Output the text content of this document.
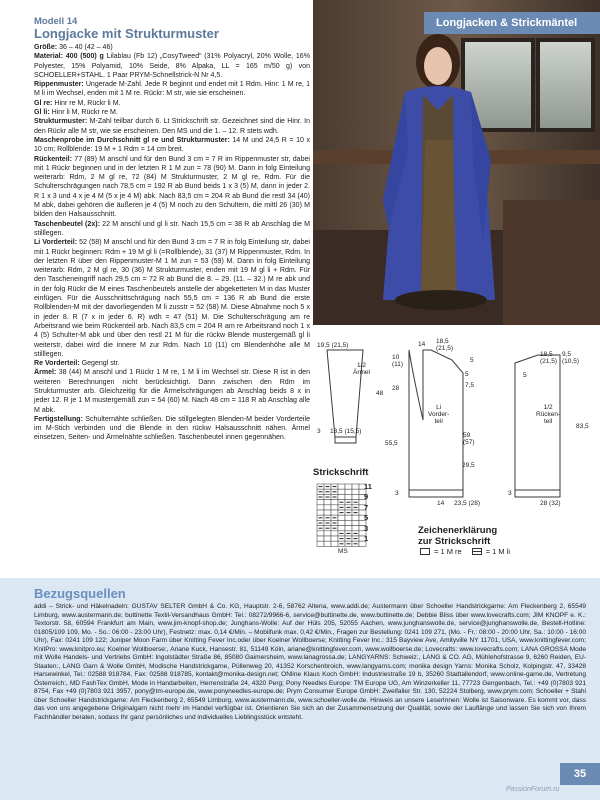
Modell 14
Longjacke mit Strukturmuster
Größe: 36 – 40 (42 – 46)
Material: 400 (500) g Lilablau (Fb 12) „CosyTweed“ (31% Polyacryl, 20% Wolle, 16% Polyester, 15% Polyamid, 10% Seide, 8% Alpaka, LL = 165 m/50 g) von SCHOELLER+STAHL. 1 Paar PRYM-Schnellstrick-N Nr 4,5.
Rippenmuster: Ungerade M-Zahl. Jede R beginnt und endet mit 1 Rdm. Hinr: 1 M re, 1 M li im Wechsel, enden mit 1 M re. Rückr: M str, wie sie erscheinen.
Gl re: Hinr re M, Rückr li M.
Gl li: Hinr li M, Rückr re M.
Strukturmuster: M-Zahl teilbar durch 6. Lt Strickschrift str. Gezeichnet sind die Hinr. In den Rückr alle M str, wie sie erscheinen. Den MS und die 1. – 12. R stets wdh.
Maschenprobe im Durchschnitt gl re und Strukturmuster: 14 M und 24,5 R = 10 x 10 cm; Rollblende: 19 M + 1 Rdm = 14 cm breit.
Rückenteil: 77 (89) M anschl und für den Bund 3 cm = 7 R im Rippenmuster str, dabei mit 1 Rückr beginnen und in der letzten R 1 M zun = 78 (90) M. Dann in folg Einteilung weiterarb: Rdm, 2 M gl re, 72 (84) M Strukturmuster, 2 M gl re, Rdm. Für die Schulterschrägungen nach 78,5 cm = 192 R ab Bund beids 1 x 3 (5) M, dann in jeder 2. R 1 x 3 und 4 x je 4 M (5 x je 4 M) abk. Nach 83,5 cm = 204 R ab Bund die restl 34 (40) M abk, dabei gehören die äußeren je 4 (5) M noch zu den Schultern, die mittl 26 (30) M bilden den Halsausschnitt.
Taschenbeutel (2x): 22 M anschl und gl li str. Nach 15,5 cm = 38 R ab Anschlag die M stilllegen.
Li Vorderteil: 52 (58) M anschl und für den Bund 3 cm = 7 R in folg Einteilung str, dabei mit 1 Rückr beginnen: Rdm + 19 M gl li (=Rollblende), 31 (37) M Rippenmuster, Rdm. In der letzten R über den Rippenmuster-M 1 M zun = 53 (59) M. Dann in folg Einteilung weiterarb: Rdm, 2 M gl re, 30 (36) M Strukturmuster, enden mit 19 M gl li + Rdm. Für den Tascheneingriff nach 29,5 cm = 72 R ab Bund die 8. – 29. (11. – 32.) M re abk und in der folg Rückr die M eines Taschenbeutels anstelle der abgeketteten M in das Muster einfügen. Für die Ausschnittschrägung nach 55,5 cm = 136 R ab Bund die erste Rollblenden-M mit der davorliegenden M li zusstr = 52 (58) M. Diese Abnahme noch 5 x in jeder 8. R (7 x in jeder 6. R) wdh = 47 (51) M. Die Schulterschrägung am re Arbeitsrand wie beim Rückenteil arb. Nach 83,5 cm = 204 R am re Arbeitsrand noch 1 x 4 (5) Schulter-M abk und über den restl 21 M für die rückw Blende mustergemäß gl li weiterstr, dabei wird die innere M zur Rdm. Nach 10 (11) cm Blendenhöhe alle M stilllegen.
Re Vorderteil: Gegengl str.
Ärmel: 38 (44) M anschl und 1 Rückr 1 M re, 1 M li im Wechsel str. Diese R ist in den weiteren Berechnungen nicht berücksichtigt. Dann zwischen den Rdm im Strukturmuster arb. Gleichzeitig für die Ärmelschrägungen ab Anschlag beids 8 x in jeder 12. R je 1 M mustergemäß zun = 54 (60) M. Nach 48 cm = 118 R ab Anschlag alle M abk.
Fertigstellung: Schulternähte schließen. Die stillgelegten Blenden-M beider Vorderteile im M-Stich verbinden und die Blende in den rückw Halsausschnitt nähen. Ärmel einsetzen, Seiten- und Ärmelnähte schließen. Taschenbeutel innen gegennähen.
Longjacken & Strickmäntel
19,5 (21,5)
1/2
Ärmel
48
3 13,5 (15,5)
10
(11)
14 18,5
(21,5)
5
28
5
7,5
Li
Vorder-
teil
55,5
59
(57)
29,5
3
14 23,5 (28)
18,5
(21,5)
9,5
(10,5)
5
1/2
Rücken-
teil
83,5
3
28 (32)
Strickschrift
11
9
7
5
3
1
MS
Zeichenerklärung
zur Strickschrift
= 1 M re	= 1 M li
Bezugsquellen
addi – Strick- und Häkelnadeln: GUSTAV SELTER GmbH & Co. KG, Hauptstr. 2-6, 58762 Altena, www.addi.de; Austermann über Schoeller Handstrickgarne: Am Fleckenberg 2, 65549 Limburg, www.austermann.de; buttinette Textil-Versandhaus GmbH: Tel.: 08272/9966-6, service@buttinette.de, www.buttinette.de; Debbie Bliss über www.lovecrafts.com; JIM KNOPF e. K.: Textorstr. 58, 60594 Frankfurt am Main, www.jim-knopf-shop.de; Junghans-Wolle: Auf der Hüls 205, 52055 Aachen, www.junghanswolle.de, service@junghanswolle.de, Bestell-Hotline: 01805/109 109, Mo. - So.: 06:00 - 23:00 Uhr), Festnetz: max. 0,14 €/Min. – Mobilfunk max. 0,42 €/Min., Fragen zur Bestellung: 0241 109 271, (Mo. - Fr.: 08:00 - 20:00 Uhr, Sa.: 10:00 - 16:00 Uhr), Fax: 0241 109 122; Juniper Moon Farm über Knitting Fever Inc.oder über Koelner Wollboerse; Knitting Fever Inc.: 315 Bayview Ave, Amityville NY 11701, USA, www.knittingfever.com; KnitPro: www.knitpro.eu; Koelner Wollboerse:, Ariane Kuck, Hansestr. 81, 51149 Köln, ariane@knittingfever.com, www.wollboerse.de; Lovecrafts: www.lovecrafts.com; LANA GROSSA Mode mit Wolle Handels- und Vertriebs GmbH: Ingolstädter Straße 86, 85080 Gaimersheim, www.lanagrossa.de; LANGYARNS: Schweiz:, LANG & CO. AG, Mühlehofstrasse 9, 6260 Reiden, EU-Staaten:, LANG Garn & Wolle GmbH, Modische Handstrickgarne, Püllenweg 20, 41352 Korschenbroich, www.langyarns.com; monika design Yarns: Monika Scholz, Kolpingstr. 47, 33428 Harsewinkel, Tel.: 02588 918784, Fax: 02588 918785, kontakt@monika-design.net; ONline Klaus Koch GmbH: Industriestraße 19 b, 35260 Stadtallendorf, www.online-garne.de, Vertretung Österreich:, MD FashTex GmbH, Mode in Handarbeiten, Herrenstraße 24, 4320 Perg; Pony Needles Europe: TM Europe UG, Am Winzerkeller 11, 77723 Gengenbach, Tel.: +49 (0)7803 921 8754, Fax +49 (0)7803 921 3957, pony@tm-europe.de, www.ponyneedles-europe.de; Prym Consumer Europe GmbH: Zweifaller Str. 130, 52224 Stolberg, www.prym.com; Schoeller + Stahl über Schoeller Handstrickgarne: Am Fleckenberg 2, 65549 Limburg, www.austermann.de, www.schoeller-wolle.de. Hinweis an unsere LeserInnen: Wolle ist Saisonware. Es kommt vor, dass das von uns angegebene Originalgarn nicht mehr im Handel verfügbar ist. Orientieren Sie sich an der Zusammensetzung der Qualität, sowie der Lauflänge und lassen Sie sich von Ihrem Fachhändler beraten, sodass Ihr ganz persönliches und individuelles Lieblingsstück entsteht.
35
PassionForum.ru
